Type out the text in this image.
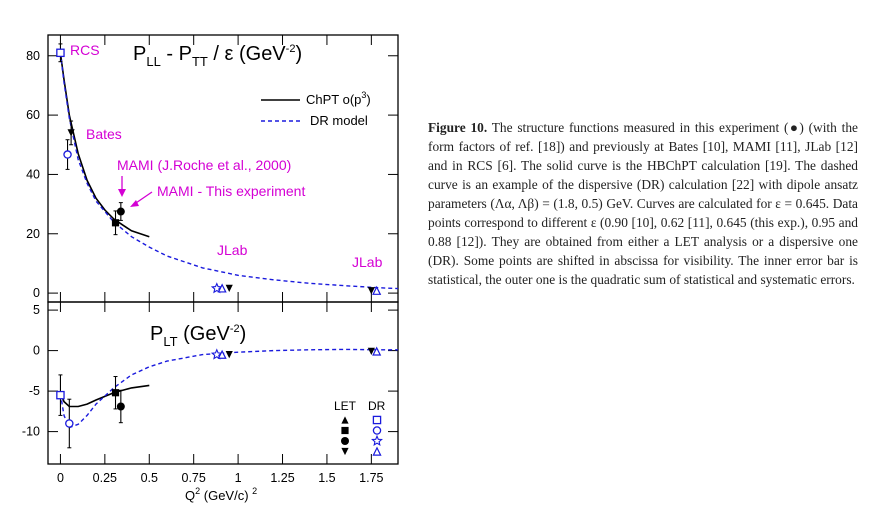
0
20
40
60
80	$P_{LL} - P_{TT}$ / ε (GeV$^{-2}$)
ChPT $o(p^3)$
DR model
RCS
Bates
MAMI (J.Roche et al., 2000)
MAMI - This experiment
JLab
JLab
5
0
-5
-10
0 0.25 0.5 0.75 1 1.25 1.5 1.75
$P_{LT}$ (GeV$^{-2}$)
LET DR
$Q^2$ (GeV/c) $^2$
Figure 10. The structure functions measured in this experiment (●) (with the form factors of ref. [18]) and previously at Bates [10], MAMI [11], JLab [12] and in RCS [6]. The solid curve is the HBChPT calculation [19]. The dashed curve is an example of the dispersive (DR) calculation [22] with dipole ansatz parameters (Λα, Λβ) = (1.8, 0.5) GeV. Curves are calculated for ε = 0.645. Data points correspond to different ε (0.90 [10], 0.62 [11], 0.645 (this exp.), 0.95 and 0.88 [12]). They are obtained from either a LET analysis or a dispersive one (DR). Some points are shifted in abscissa for visibility. The inner error bar is statistical, the outer one is the quadratic sum of statistical and systematic errors.
